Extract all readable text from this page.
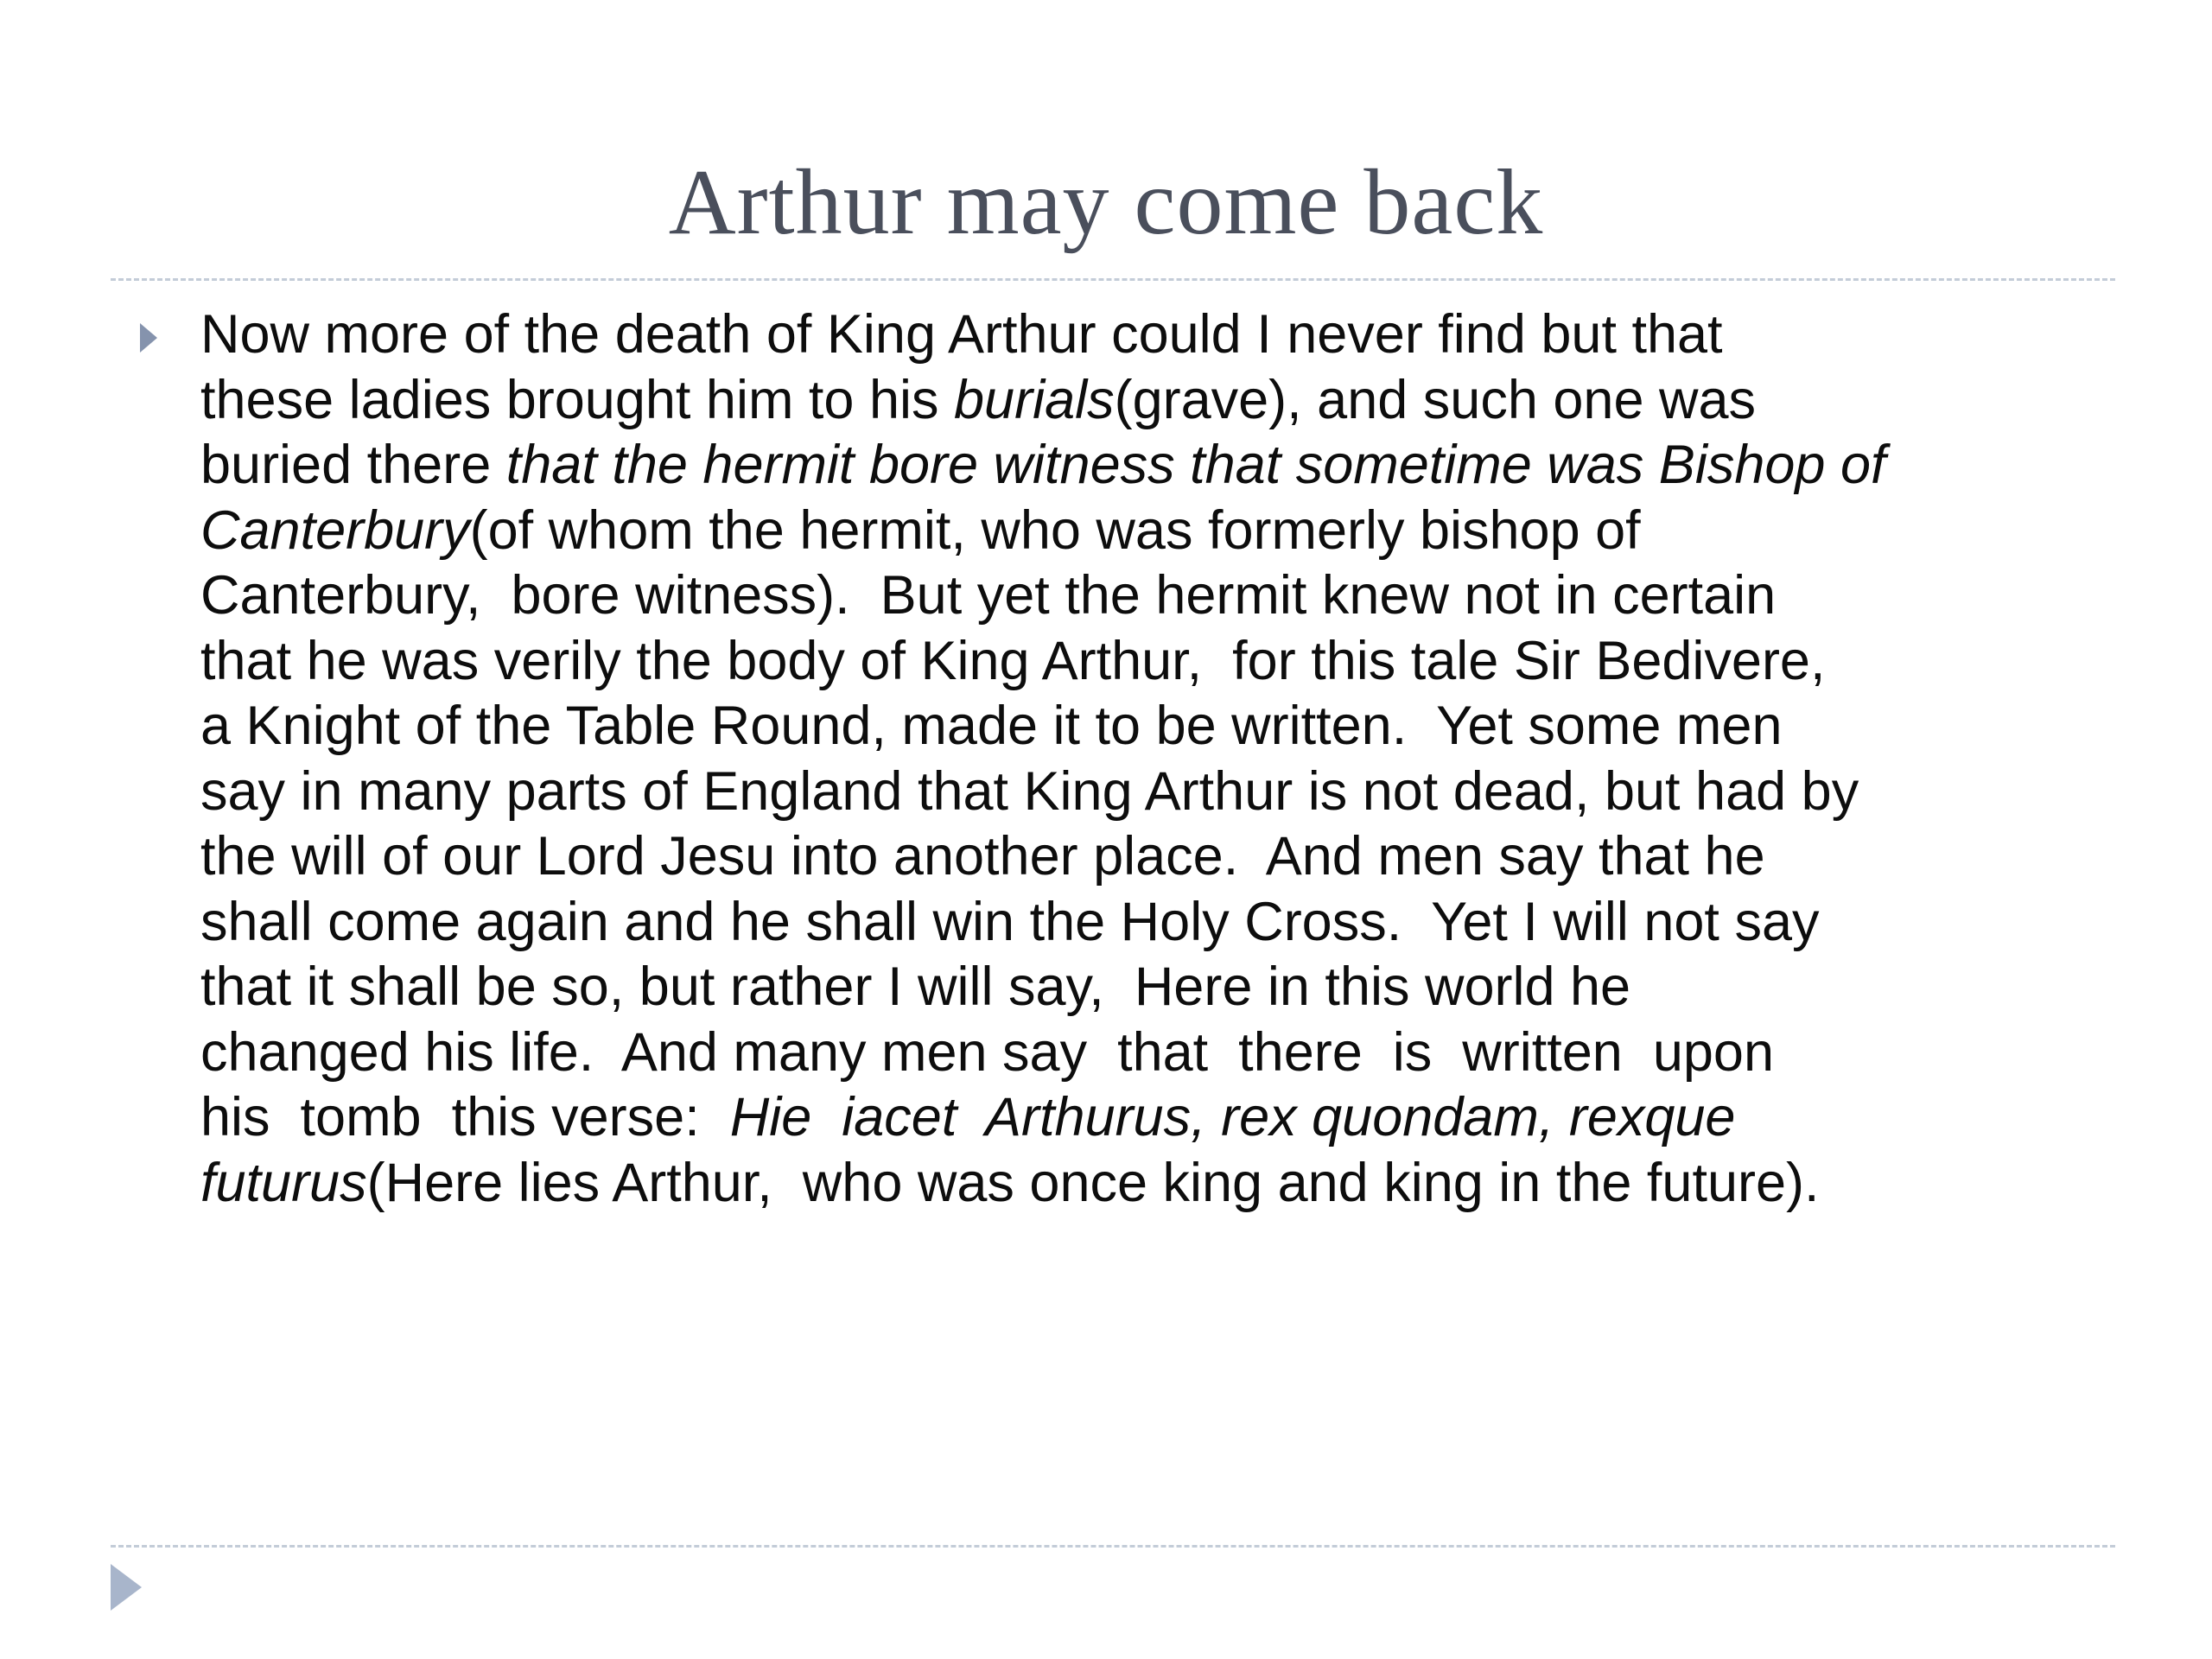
Arthur may come back
Now more of the death of King Arthur could I never find but that
these ladies brought him to his burials(grave), and such one was
buried there that the hermit bore witness that sometime was Bishop of
Canterbury(of whom the hermit, who was formerly bishop of
Canterbury,  bore witness).  But yet the hermit knew not in certain
that he was verily the body of King Arthur,  for this tale Sir Bedivere,
a Knight of the Table Round, made it to be written.  Yet some men
say in many parts of England that King Arthur is not dead, but had by
the will of our Lord Jesu into another place.  And men say that he
shall come again and he shall win the Holy Cross.  Yet I will not say
that it shall be so, but rather I will say,  Here in this world he
changed his life.  And many men say  that  there  is  written  upon
his  tomb  this verse:  Hie  iacet  Arthurus, rex quondam, rexque
futurus(Here lies Arthur,  who was once king and king in the future).
